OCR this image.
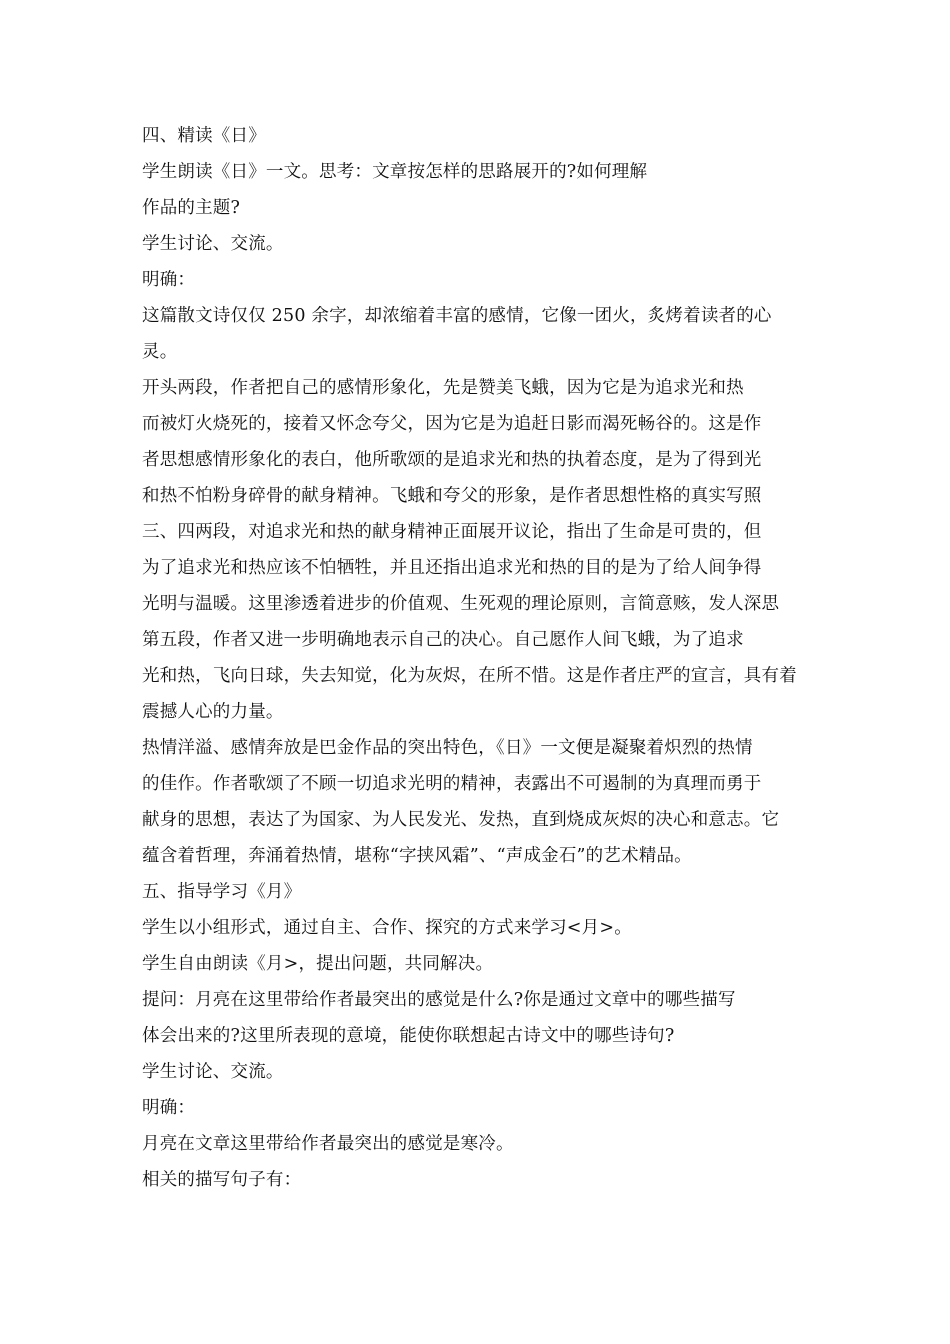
四、精读《日》
学生朗读《日》一文。思考：文章按怎样的思路展开的?如何理解
作品的主题?
学生讨论、交流。
明确：
这篇散文诗仅仅 250 余字，却浓缩着丰富的感情，它像一团火，炙烤着读者的心
灵。
开头两段，作者把自己的感情形象化，先是赞美飞蛾，因为它是为追求光和热
而被灯火烧死的，接着又怀念夸父，因为它是为追赶日影而渴死畅谷的。这是作
者思想感情形象化的表白，他所歌颂的是追求光和热的执着态度，是为了得到光
和热不怕粉身碎骨的献身精神。飞蛾和夸父的形象，是作者思想性格的真实写照
三、四两段，对追求光和热的献身精神正面展开议论，指出了生命是可贵的，但
为了追求光和热应该不怕牺牲，并且还指出追求光和热的目的是为了给人间争得
光明与温暖。这里渗透着进步的价值观、生死观的理论原则，言简意赅，发人深思
第五段，作者又进一步明确地表示自己的决心。自己愿作人间飞蛾，为了追求
光和热，飞向日球，失去知觉，化为灰烬，在所不惜。这是作者庄严的宣言，具有着
震撼人心的力量。
热情洋溢、感情奔放是巴金作品的突出特色，《日》一文便是凝聚着炽烈的热情
的佳作。作者歌颂了不顾一切追求光明的精神，表露出不可遏制的为真理而勇于
献身的思想，表达了为国家、为人民发光、发热，直到烧成灰烬的决心和意志。它
蕴含着哲理，奔涌着热情，堪称“字挟风霜”、“声成金石”的艺术精品。
五、指导学习《月》
学生以小组形式，通过自主、合作、探究的方式来学习<月>。
学生自由朗读《月>，提出问题，共同解决。
提问：月亮在这里带给作者最突出的感觉是什么?你是通过文章中的哪些描写
体会出来的?这里所表现的意境，能使你联想起古诗文中的哪些诗句?
学生讨论、交流。
明确：
月亮在文章这里带给作者最突出的感觉是寒冷。
相关的描写句子有：
